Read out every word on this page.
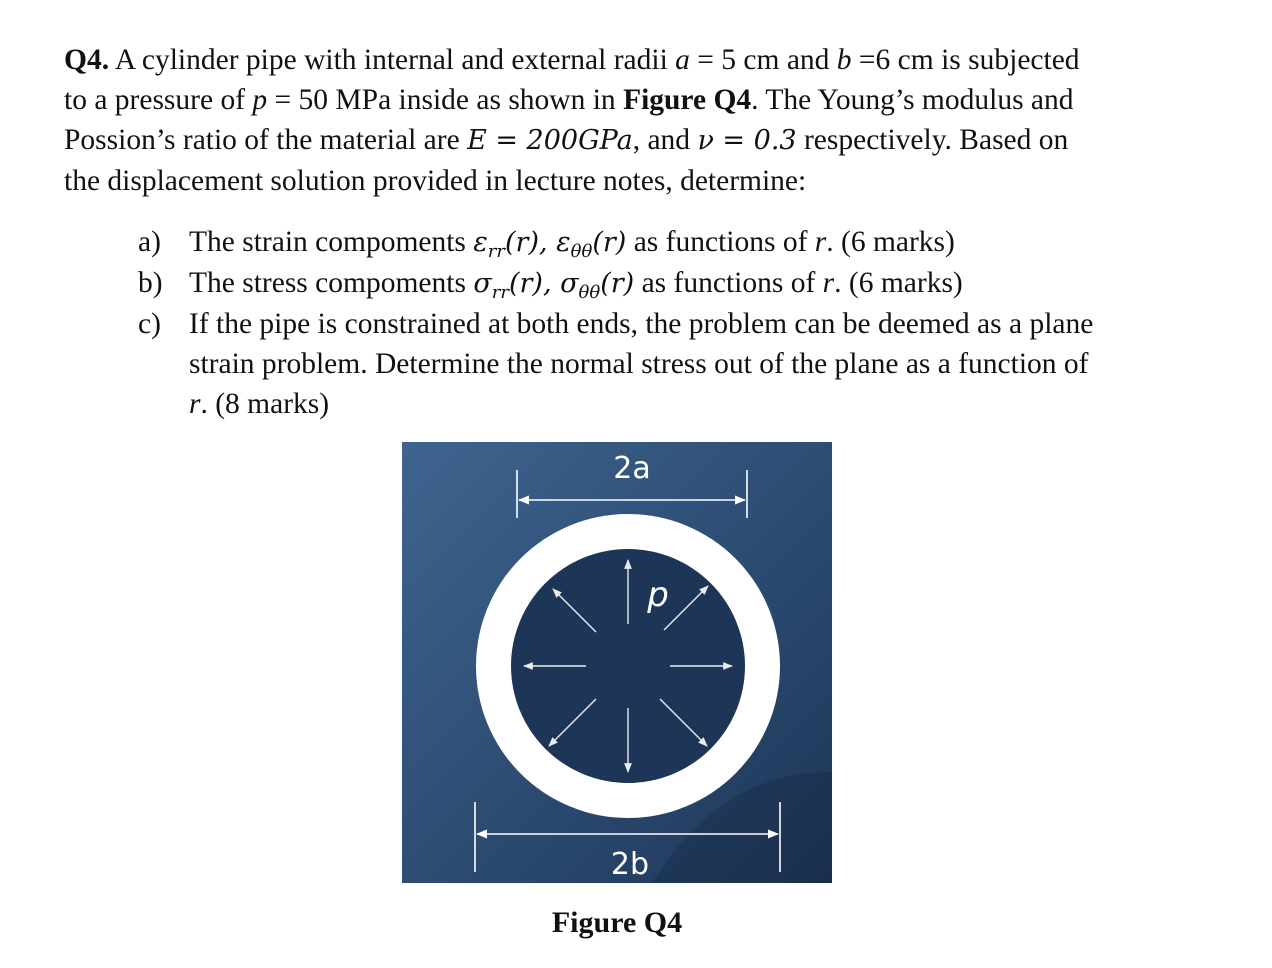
Q4. A cylinder pipe with internal and external radii a = 5 cm and b =6 cm is subjected
to a pressure of p = 50 MPa inside as shown in Figure Q4. The Young’s modulus and
Possion’s ratio of the material are E = 200GPa, and ν = 0.3 respectively. Based on
the displacement solution provided in lecture notes, determine:

a) The strain compoments $\varepsilon_{rr}(r)$, $\varepsilon_{\theta\theta}(r)$ as functions of r. (6 marks)
b) The stress compoments $\sigma_{rr}(r)$, $\sigma_{\theta\theta}(r)$ as functions of r. (6 marks)
c) If the pipe is constrained at both ends, the problem can be deemed as a plane
strain problem. Determine the normal stress out of the plane as a function of
r. (8 marks)
2a
2b
p
Figure Q4
